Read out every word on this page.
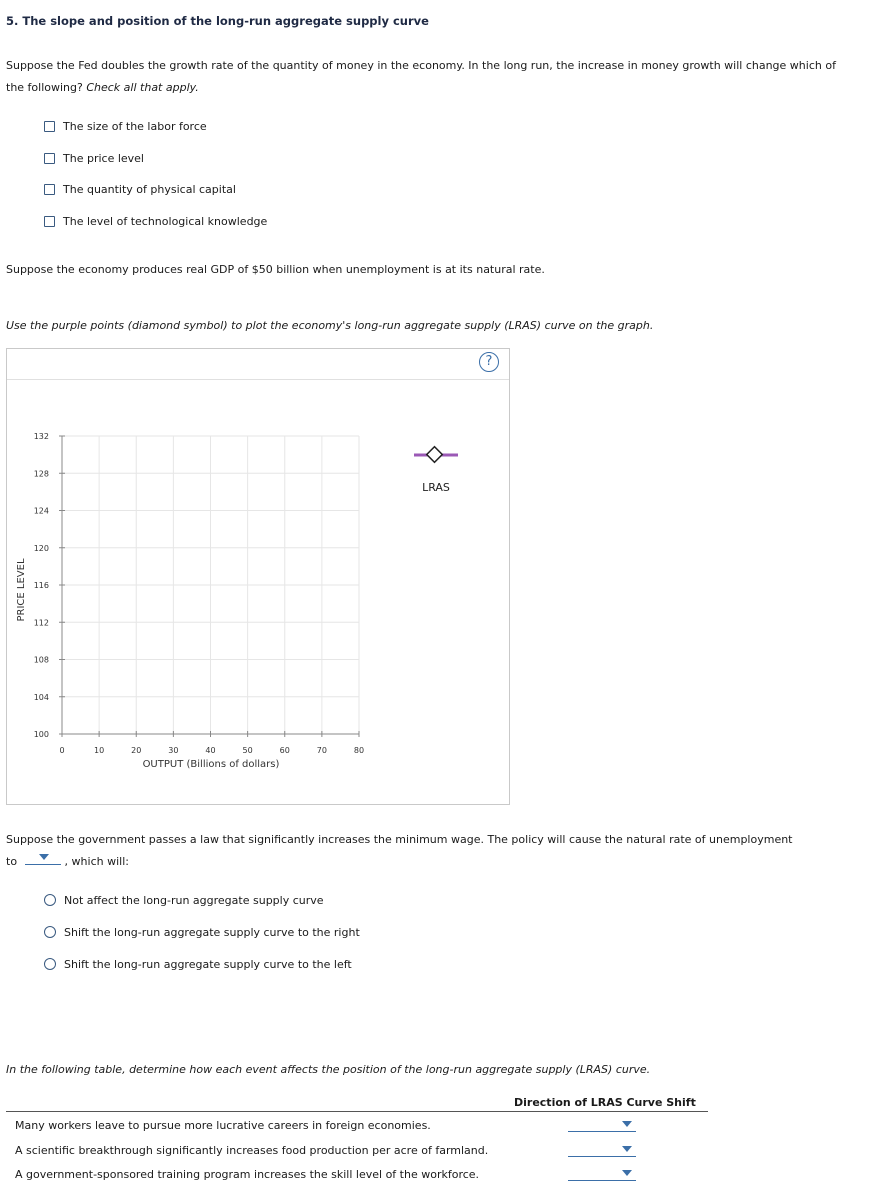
5. The slope and position of the long-run aggregate supply curve
Suppose the Fed doubles the growth rate of the quantity of money in the economy. In the long run, the increase in money growth will change which of
the following? Check all that apply.
The size of the labor force
The price level
The quantity of physical capital
The level of technological knowledge
Suppose the economy produces real GDP of $50 billion when unemployment is at its natural rate.
Use the purple points (diamond symbol) to plot the economy's long-run aggregate supply (LRAS) curve on the graph.
?
100
104
108
112
116
120
124
128
132
0	10	20	30	40	50	60	70	80
PRICE LEVEL
OUTPUT (Billions of dollars)
LRAS
Suppose the government passes a law that significantly increases the minimum wage. The policy will cause the natural rate of unemployment
to	, which will:
Not affect the long-run aggregate supply curve
Shift the long-run aggregate supply curve to the right
Shift the long-run aggregate supply curve to the left
In the following table, determine how each event affects the position of the long-run aggregate supply (LRAS) curve.
Direction of LRAS Curve Shift
Many workers leave to pursue more lucrative careers in foreign economies.
A scientific breakthrough significantly increases food production per acre of farmland.
A government-sponsored training program increases the skill level of the workforce.
